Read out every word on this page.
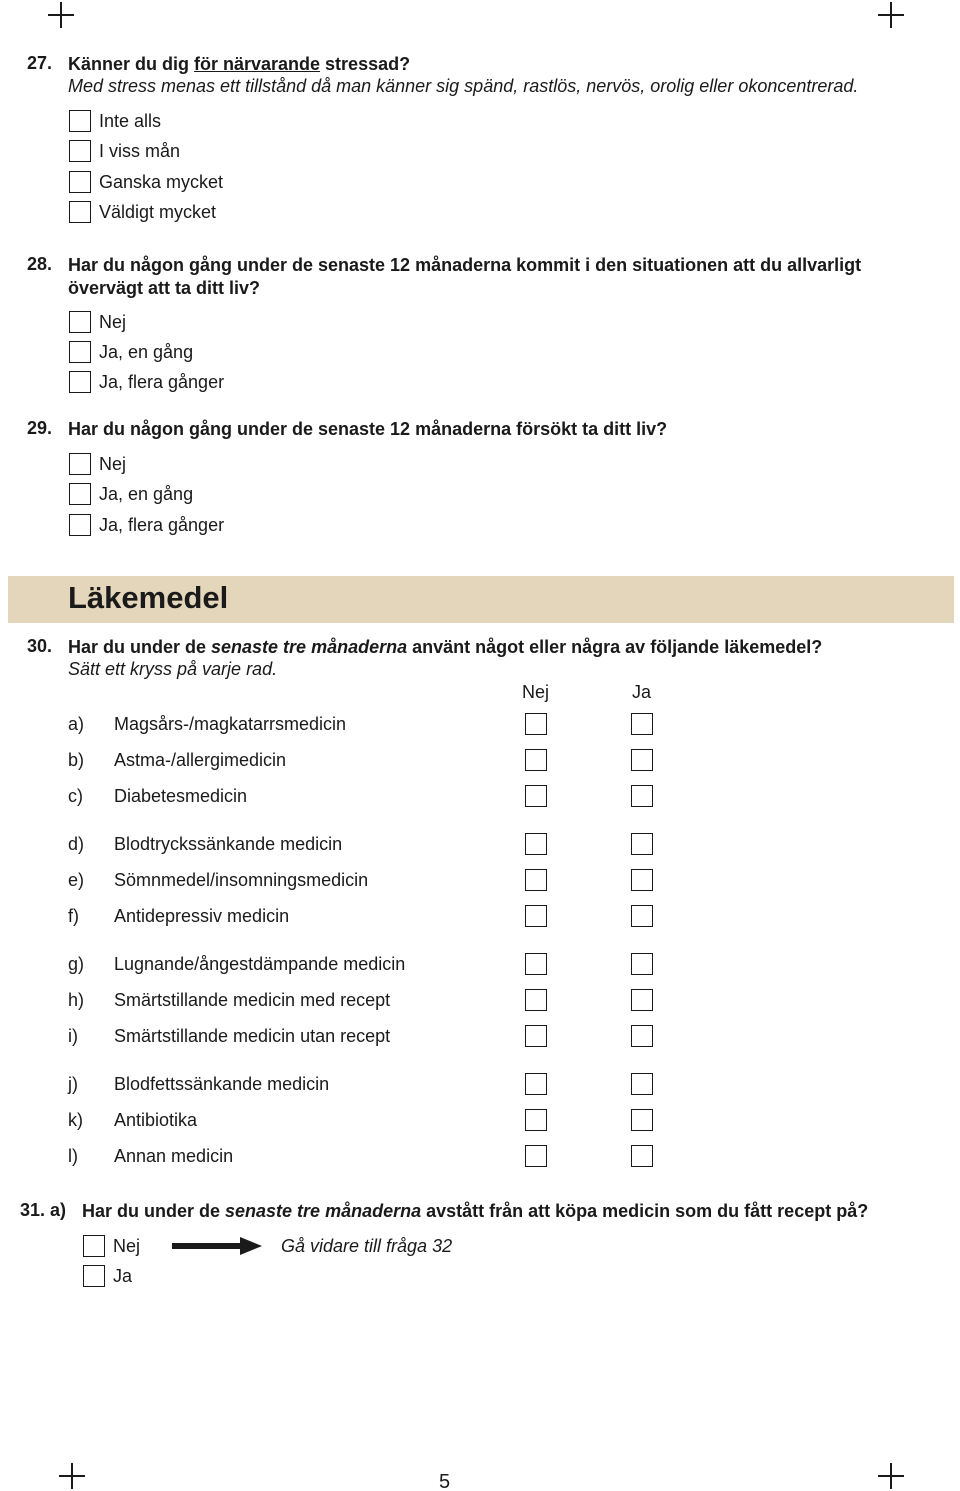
27. Känner du dig för närvarande stressad?
Med stress menas ett tillstånd då man känner sig spänd, rastlös, nervös, orolig eller okoncentrerad.
Inte alls
I viss mån
Ganska mycket
Väldigt mycket
28. Har du någon gång under de senaste 12 månaderna kommit i den situationen att du allvarligt
övervägt att ta ditt liv?
Nej
Ja, en gång
Ja, flera gånger
29. Har du någon gång under de senaste 12 månaderna försökt ta ditt liv?
Nej
Ja, en gång
Ja, flera gånger
Läkemedel
30. Har du under de senaste tre månaderna använt något eller några av följande läkemedel?
Sätt ett kryss på varje rad.
Nej	Ja
a) Magsårs-/magkatarrsmedicin
b) Astma-/allergimedicin
c) Diabetesmedicin
d) Blodtryckssänkande medicin
e) Sömnmedel/insomningsmedicin
f) Antidepressiv medicin
g) Lugnande/ångestdämpande medicin
h) Smärtstillande medicin med recept
i) Smärtstillande medicin utan recept
j) Blodfettssänkande medicin
k) Antibiotika
l) Annan medicin
31. a) Har du under de senaste tre månaderna avstått från att köpa medicin som du fått recept på?
Nej	Gå vidare till fråga 32
Ja
5
